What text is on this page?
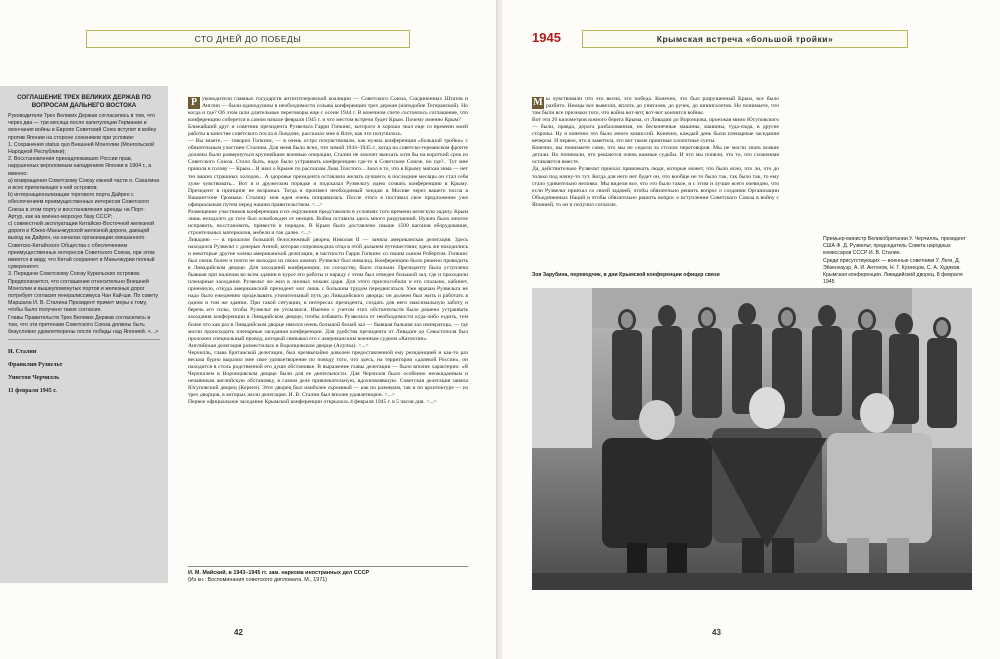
СТО ДНЕЙ ДО ПОБЕДЫ
СОГЛАШЕНИЕ ТРЕХ ВЕЛИКИХ ДЕРЖАВ ПО ВОПРОСАМ ДАЛЬНЕГО ВОСТОКА

Руководители Трех Великих Держав согласились в том, что через два — три месяца после капитуляции Германии и окончания войны в Европе Советский Союз вступит в войну против Японии на стороне союзников при условии:

1. Сохранения status quo Внешней Монголии (Монгольской Народной Республики);

2. Восстановления принадлежавших России прав, нарушенных вероломным нападением Японии в 1904 г., а именно:

а) возвращения Советскому Союзу южной части о. Сахалина и всех прилегающих к ней островов;

b) интернационализации торгового порта Дайрен с обеспечением преимущественных интересов Советского Союза в этом порту и восстановления аренды на Порт-Артур, как на военно-морскую базу СССР;

c) совместной эксплуатации Китайско-Восточной железной дороги и Южно-Маньчжурской железной дороги, дающей выход на Дайрен, на началах организации смешанного Советско-Китайского Общества с обеспечением преимущественных интересов Советского Союза, при этом имеется в виду, что Китай сохраняет в Маньчжурии полный суверенитет.

3. Передачи Советскому Союзу Курильских островов.

Предполагается, что соглашение относительно Внешней Монголии и вышеупомянутых портов и железных дорог потребует согласия генералиссимуса Чан Кай-ши. По совету Маршала И. В. Сталина Президент примет меры к тому, чтобы было получено такое согласие.

Главы Правительств Трех Великих Держав согласились в том, что эти претензии Советского Союза должны быть безусловно удовлетворены после победы над Японией. <...>

И. Сталин
Франклин Рузвельт
Уинстон Черчилль
11 февраля 1945 г.
Р уководители главных государств антигитлеровской коалиции — Советского Союза, Соединенных Штатов и Англии — были единодушны в необходимости созыва конференции трех держав (наподобие Тегеранской). Но когда и где? Об этом шли длительные переговоры еще с осени 1944 г. В конечном счете состоялось соглашение, что конференцию соберется в самом начале февраля 1945 г. и что местом встречи будет Крым. Почему именно Крым?

Ближайший друг и советник президента Рузвельта Гарри Гопкинс, которого я хорошо знал еще со времени моей работы в качестве советского посла в Лондоне, рассказал мне в Ялте, как это получилось.

— Вы знаете, — говорил Гопкинс, — в очень остро почувствовали, как нужна конференция «большой тройки» с обязательным участием Сталина. Для меня было ясно, что зимой 1944–1945 г., когда на советско-германском фронте должны были развернуться крупнейшие военные операции, Сталин не захочет выехать хотя бы на короткий срок из Советского Союза. Стало быть, надо было устраивать конференцию где-то в Советском Союзе, но где?.. Тут мне пришла в голову — Крым... Я знал о Крыме по рассказам Льва Толстого... Знал я то, что в Крыму мягкая зима — нет тех ваших страшных холодов... А здоровье президента оставляло желать лучшего, в последние месяцы он стал себя хуже чувствовать... Вот я и дружеском порядке и подсказал Рузвельту идею созвать конференцию в Крыму. Президент в принципе не возражал. Тогда я произвел необходимый зондаж в Москве через вашего посла в Вашингтоне Громыко. Сталину моя идея очень понравилась. После этого я поставил свое предложение уже официальным путем перед нашим правительством. <...>

Размещение участников конференции и их окружения представляло в условиях того времени нелегкую задачу. Крым лишь незадолго до того был освобожден от немцев. Война оставила здесь много разрушений. Нужно было многое исправить, восстановить, привести в порядок. В Крым было доставлено свыше 1500 вагонов оборудования, строительных материалов, мебели и так далее. <...>

Ливадию — в прошлом большой белоснежный дворец Николая II — заняла американская делегация. Здесь находился Рузвельт с дочерью Анной, которая сопровождала отца в этой дальнем путешествии; здесь же находились и некоторые другие члены американской делегации, в частности Гарри Гопкинс со своим сыном Робертом. Гопкинс был очень болен и почти не выходил из своих комнат. Рузвельт был инвалид. Конференцию было решено проводить в Ливадийском дворце. Для заседаний конференции, по соседству, было спальни. Президенту была уступлена бывшая при наличии во всем здании в курсе его работы и наряду с этим был отведен большой зал, где и проходили пленарные заседания. Рузвельт же жил в личных покоях царя. Для этого приспособили и его спальню, кабинет, приемную, откуда американский президент мог лишь с большим трудом передвигаться. Уже врачам Рузвельта не надо было ежедневно проделывать утомительный путь до Ливадийского дворца; он должен был жить и работать в одном и том же здании. При такой ситуации, в интересах президента, создать для него максимальную заботу и беречь его силы, чтобы Рузвельт не утомлялся. Именно с учетом этих обстоятельств было решено устраивать заседания конференции в Ливадийском дворце, чтобы избавить Рузвельта от необходимости куда-либо ездить, тем более что как раз в Ливадийском дворце имелся очень большой белый зал — бывшая бальная зал императора, — где могли происходить пленарные заседания конференции. Для удобства президента от Ливадии до Севастополя был проложен специальный провод, который связывал его с американским военным судном «Катоктин».

Английская делегация разместилась в Воронцовском дворце (Алупка). <...>

Черчилль, глава британской делегации, был чрезвычайно доволен предоставленной ему резиденцией и как-то раз весьма бурно выразил мне свое удовлетворение по поводу того, что здесь, на территории «далекой России», он находится в столь родственной его душе обстановке. В выражение главы делегации — было вполне характерно: «Я Черчиллем в Воронцовском дворце были для ее деятельности. Для Черчилля было особенно неожиданным и нечаянным английскую обстановку, в самом деле привлекательную, вдохновлявшую. Советская делегация заняла Юсуповский дворец (Кореиз). Этот дворец был наиболее скромный — как по размерам, так и по архитектуре — из трех дворцов, в которых жили делегации. И. В. Сталин был вполне удовлетворен. <...>

Первое официальное заседание Крымской конференции открылось 4 февраля 1945 г. в 5 часов дня. <...>

И. М. Майский, в 1943–1945 гг. зам. наркома иностранных дел СССР
(Из кн.: Воспоминания советского дипломата. М., 1971)
42
1945	Крымская встреча «большой тройки»
М ы чувствовали что это весна, это победа. Конечно, это был разрушенный Крым, все было разбито. Немцы все вывезли, вплоть до унитазов, до ручек, до шпингалетов. Но понимаете, что там были все признаки того, что война вот-вот, вот-вот кончится войны.

Вот эти 20 километров южного берега Крыма, от Ливадии до Воронцова, проезжая мимо Юсуповского — были, правда, дорога разбалованная, но бесконечные машины, машины, туда-сюда, в другие стороны. Ну и конечно это было много комиссий. Конечно, каждый день были пленарные заседания вечером. И первое, что я заметила, это вот такие приятные хлопотные суеты.

Конечно, вы понимаете сами, что мы не сидели за столом переговоров. Мы не могли знать всякие детали. Но понимали, что решаются очень важные судьбы. И что мы поняли, это то, что схоженная оставляется вместе.

Да, действительно Рузвельт приехал привлекать люди, которые может, что было ясно, что ли, что до только под начну-то тут. Когда для него нет будет он, что вообще не то было так, так было так, то ему стало удивительно неловко. Мы видели все, что это было такое, и с этим и лучше всего очевидно, что если Рузвельт приехал со своей задачей, чтобы обязательно решить вопрос о создании Организации Объединенных Наций и чтобы обязательно решить вопрос о вступлении Советского Союза в войну с Японией, то он и получил согласие.

Премьер-министр Великобритании У. Черчилль, президент США Ф. Д. Рузвельт, председатель Совета народных комиссаров СССР И. В. Сталин.

Среди присутствующих — военные советники У. Леги, Д. Эйзенхауэр, А. И. Антонов, Н. Г. Кузнецов, С. А. Худяков.

Крымская конференция. Ливадийский дворец. 8 февраля 1945

Зоя Зарубина, переводчик, в дни Крымской конференции офицер связи
43
